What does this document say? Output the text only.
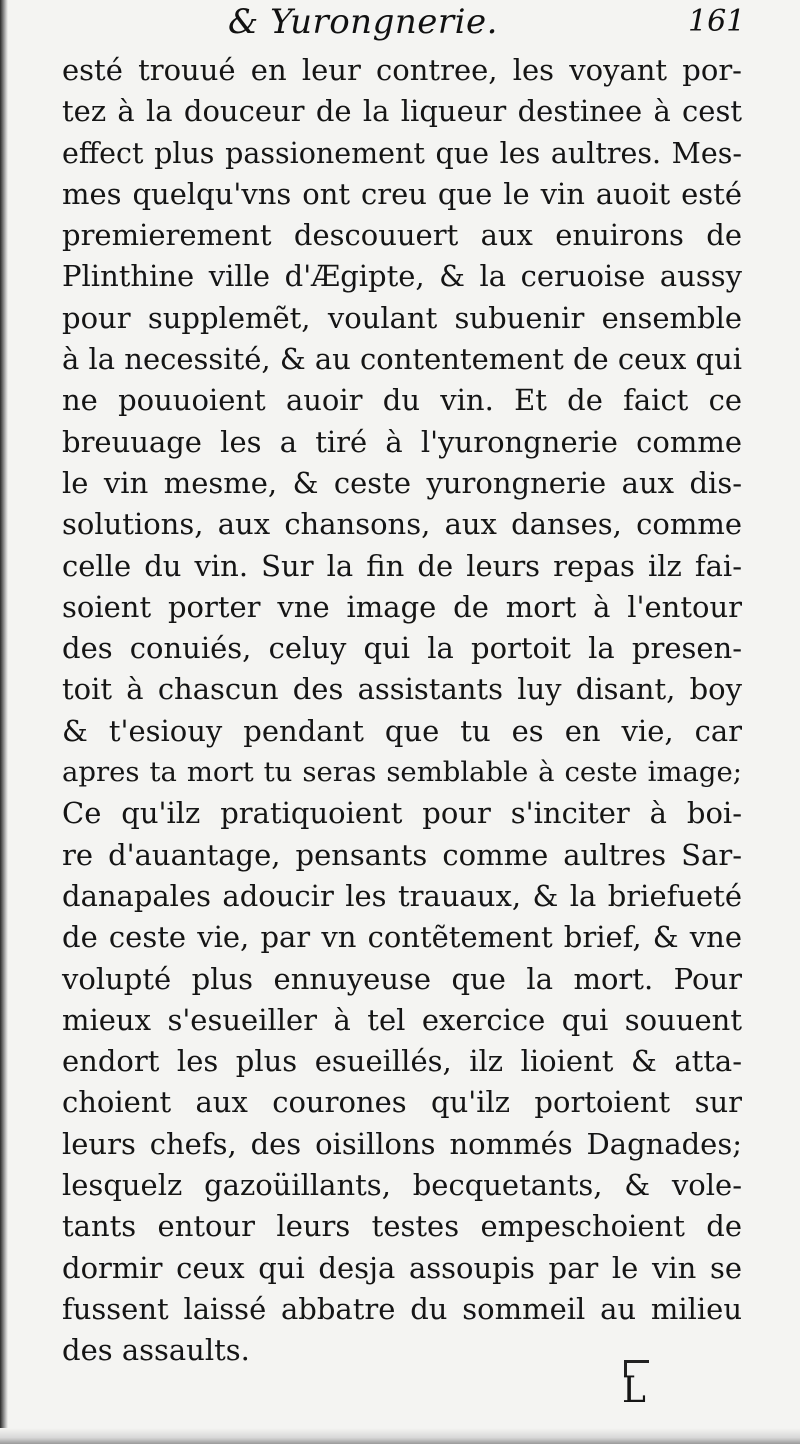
& Yurongnerie.	161
esté trouué en leur contree, les voyant por-
tez à la douceur de la liqueur destinee à cest
effect plus passionement que les aultres. Mes-
mes quelqu'vns ont creu que le vin auoit esté
premierement descouuert aux enuirons de
Plinthine ville d'Ægipte, & la ceruoise aussy
pour supplemẽt, voulant subuenir ensemble
à la necessité, & au contentement de ceux qui
ne pouuoient auoir du vin. Et de faict ce
breuuage les a tiré à l'yurongnerie comme
le vin mesme, & ceste yurongnerie aux dis-
solutions, aux chansons, aux danses, comme
celle du vin. Sur la fin de leurs repas ilz fai-
soient porter vne image de mort à l'entour
des conuiés, celuy qui la portoit la presen-
toit à chascun des assistants luy disant, boy
& t'esiouy pendant que tu es en vie, car
apres ta mort tu seras semblable à ceste image;
Ce qu'ilz pratiquoient pour s'inciter à boi-
re d'auantage, pensants comme aultres Sar-
danapales adoucir les trauaux, & la briefueté
de ceste vie, par vn contẽtement brief, & vne
volupté plus ennuyeuse que la mort. Pour
mieux s'esueiller à tel exercice qui souuent
endort les plus esueillés, ilz lioient & atta-
choient aux courones qu'ilz portoient sur
leurs chefs, des oisillons nommés Dagnades;
lesquelz gazoüillants, becquetants, & vole-
tants entour leurs testes empeschoient de
dormir ceux qui desja assoupis par le vin se
fussent laissé abbatre du sommeil au milieu
des assaults.
L
